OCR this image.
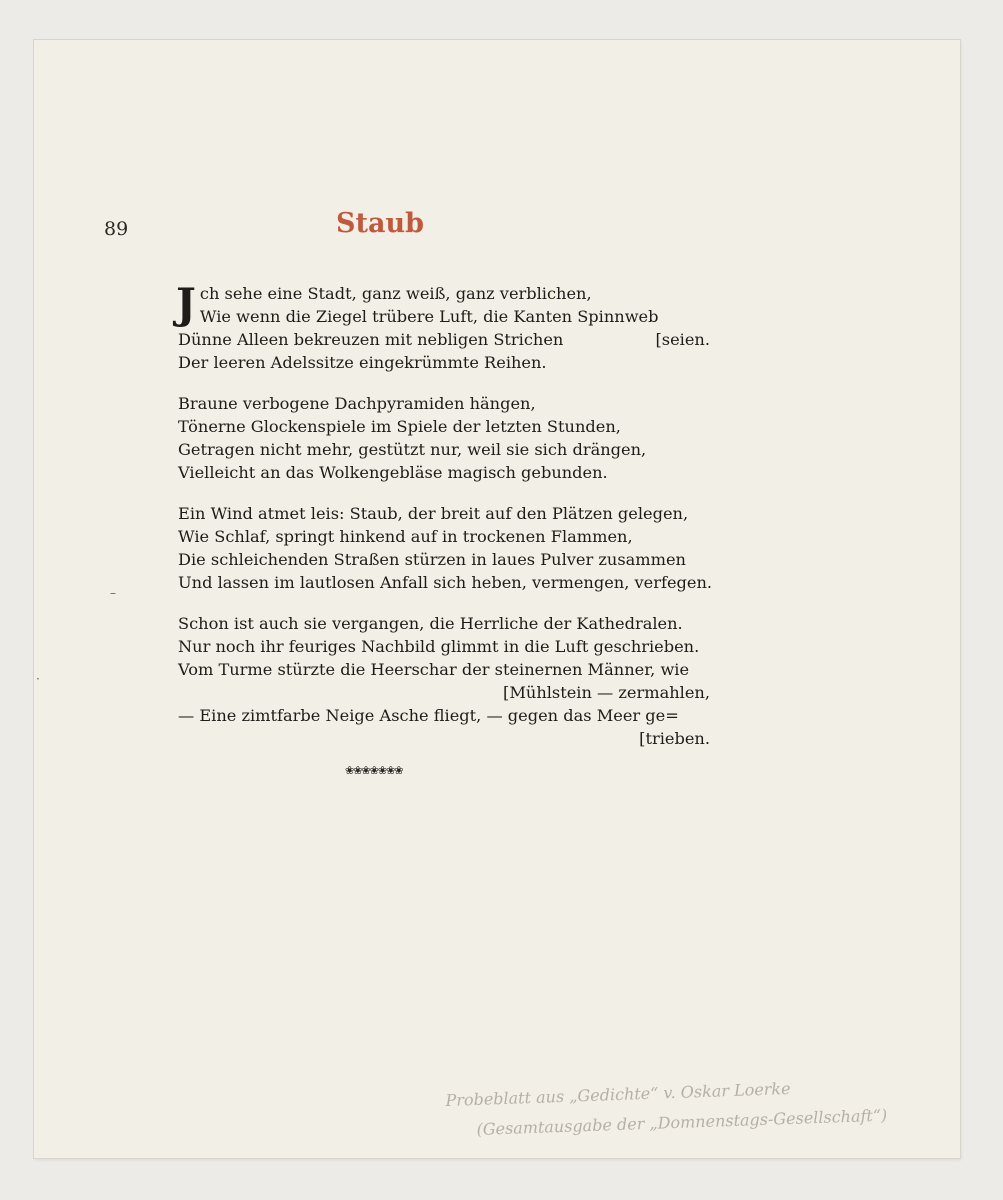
89	Staub
J ch sehe eine Stadt, ganz weiß, ganz verblichen,
Wie wenn die Ziegel trübere Luft, die Kanten Spinnweb
Dünne Alleen bekreuzen mit nebligen Strichen	[seien.
Der leeren Adelssitze eingekrümmte Reihen.
Braune verbogene Dachpyramiden hängen,
Tönerne Glockenspiele im Spiele der letzten Stunden,
Getragen nicht mehr, gestützt nur, weil sie sich drängen,
Vielleicht an das Wolkengebläse magisch gebunden.
Ein Wind atmet leis: Staub, der breit auf den Plätzen gelegen,
Wie Schlaf, springt hinkend auf in trockenen Flammen,
Die schleichenden Straßen stürzen in laues Pulver zusammen
Und lassen im lautlosen Anfall sich heben, vermengen, verfegen.
Schon ist auch sie vergangen, die Herrliche der Kathedralen.
Nur noch ihr feuriges Nachbild glimmt in die Luft geschrieben.
Vom Turme stürzte die Heerschar der steinernen Männer, wie
[Mühlstein — zermahlen,
— Eine zimtfarbe Neige Asche fliegt, — gegen das Meer ge=
[trieben.
❀❀❀❀❀❀❀
–
·
Probeblatt aus „Gedichte“ v. Oskar Loerke
(Gesamtausgabe der „Domnenstags-Gesellschaft“)
